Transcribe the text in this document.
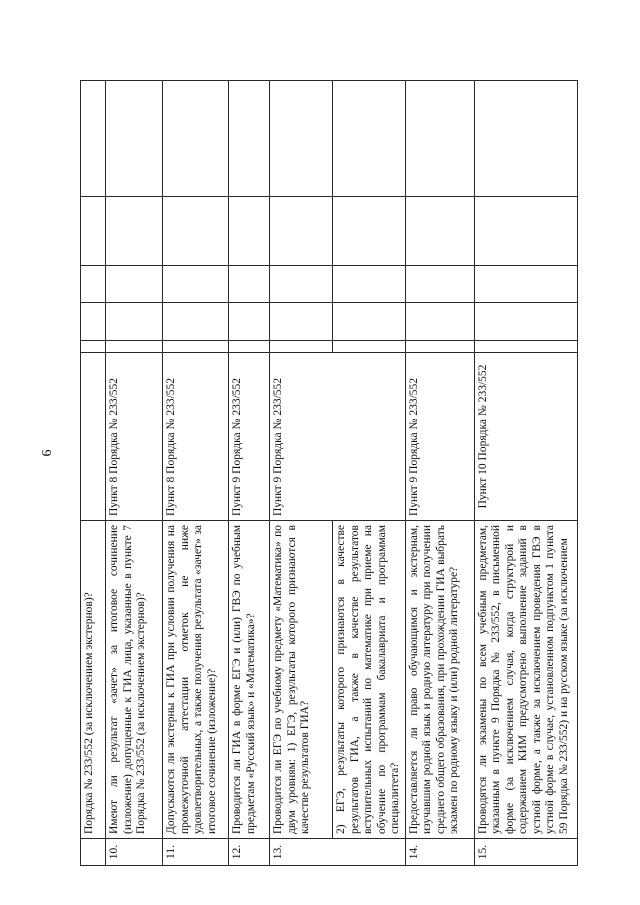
6
	Порядка № 233/552 (за исключением экстернов)?						
10.	Имеют ли результат «зачет» за итоговое сочинение (изложение) допущенные к ГИА лица, указанные в пункте 7 Порядка № 233/552 (за исключением экстернов)?	Пункт 8 Порядка № 233/552					
11.	Допускаются ли экстерны к ГИА при условии получения на промежуточной аттестации отметок не ниже удовлетворительных, а также получения результата «зачет» за итоговое сочинение (изложение)?	Пункт 8 Порядка № 233/552					
12.	Проводится ли ГИА в форме ЕГЭ и (или) ГВЭ по учебным предметам «Русский язык» и «Математика»?	Пункт 9 Порядка № 233/552					
13.	Проводится ли ЕГЭ по учебному предмету «Математика» по двум уровням: 1) ЕГЭ, результаты которого признаются в качестве результатов ГИА?	Пункт 9 Порядка № 233/552					
	2) ЕГЭ, результаты которого признаются в качестве результатов ГИА, а также в качестве результатов вступительных испытаний по математике при приеме на обучение по программам бакалавриата и программам специалитета?						
14.	Предоставляется ли право обучающимся и экстернам, изучавшим родной язык и родную литературу при получении среднего общего образования, при прохождении ГИА выбрать экзамен по родному языку и (или) родной литературе?	Пункт 9 Порядка № 233/552					
15.	Проводятся ли экзамены по всем учебным предметам, указанным в пункте 9 Порядка № 233/552, в письменной форме (за исключением случая, когда структурой и содержанием КИМ предусмотрено выполнение заданий в устной форме, а также за исключением проведения ГВЭ в устной форме в случае, установленном подпунктом 1 пункта 59 Порядка № 233/552) и на русском языке (за исключением	Пункт 10 Порядка № 233/552					
